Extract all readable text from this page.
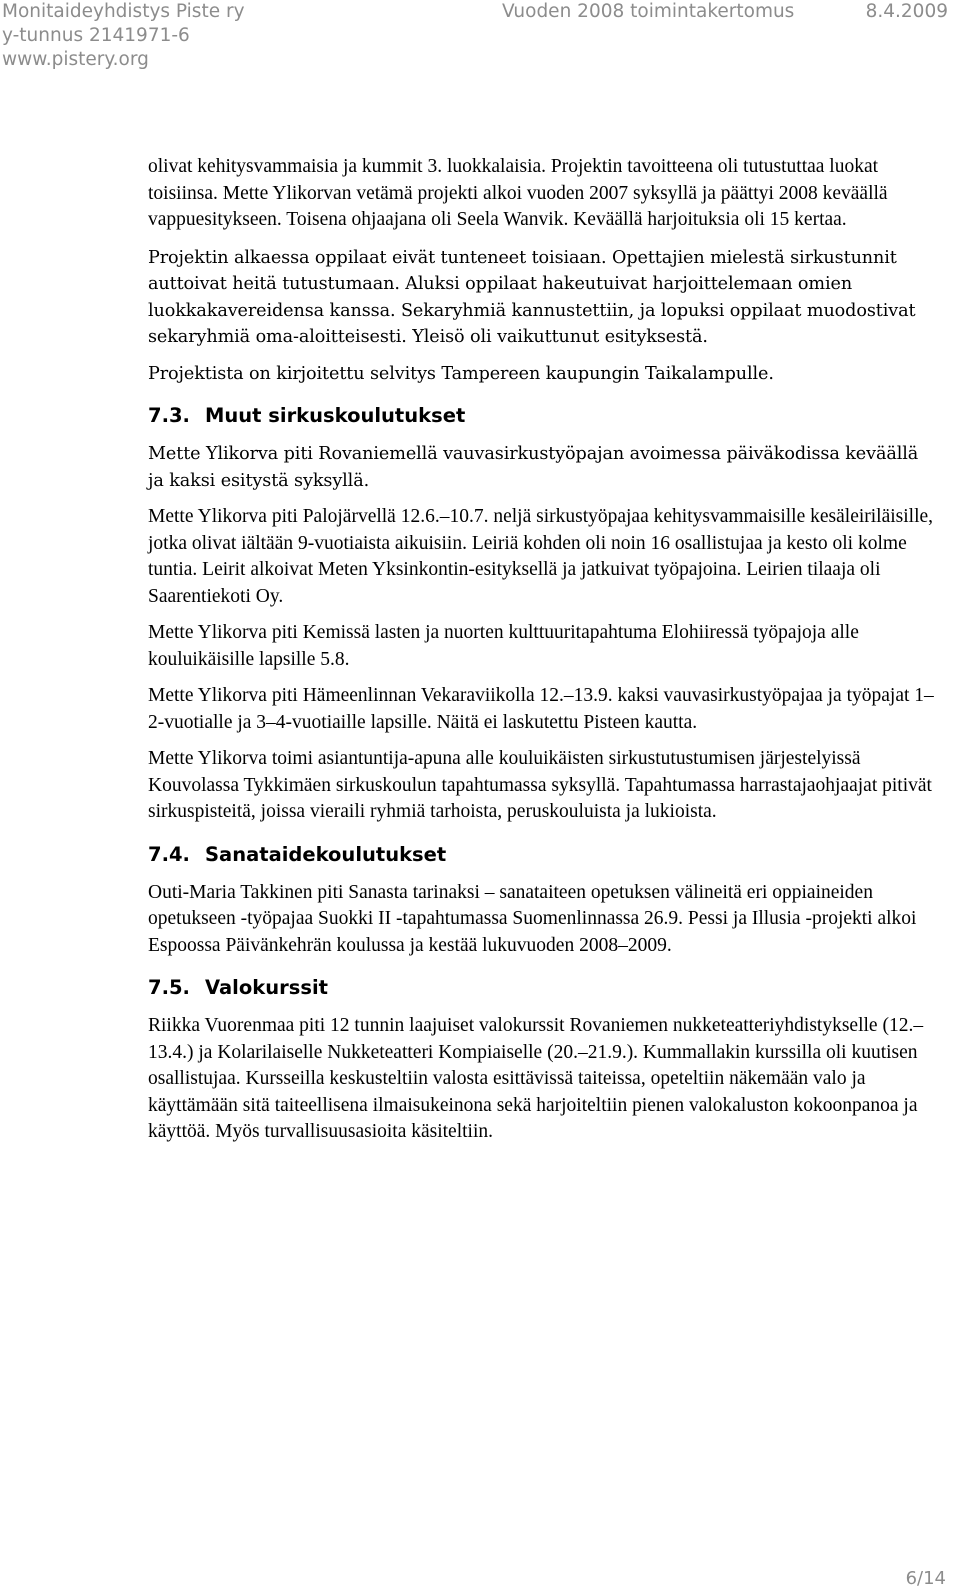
Monitaideyhdistys Piste ry	Vuoden 2008 toimintakertomus	8.4.2009
y-tunnus 2141971-6
www.pistery.org

olivat kehitysvammaisia ja kummit 3. luokkalaisia. Projektin tavoitteena oli tutustuttaa luokat toisiinsa. Mette Ylikorvan vetämä projekti alkoi vuoden 2007 syksyllä ja päättyi 2008 keväällä vappuesitykseen. Toisena ohjaajana oli Seela Wanvik. Keväällä harjoituksia oli 15 kertaa.

Projektin alkaessa oppilaat eivät tunteneet toisiaan. Opettajien mielestä sirkustunnit auttoivat heitä tutustumaan. Aluksi oppilaat hakeutuivat harjoittelemaan omien luokkakavereidensa kanssa. Sekaryhmiä kannustettiin, ja lopuksi oppilaat muodostivat sekaryhmiä oma-aloitteisesti. Yleisö oli vaikuttunut esityksestä.

Projektista on kirjoitettu selvitys Tampereen kaupungin Taikalampulle.

7.3. Muut sirkuskoulutukset

Mette Ylikorva piti Rovaniemellä vauvasirkustyöpajan avoimessa päiväkodissa keväällä ja kaksi esitystä syksyllä.

Mette Ylikorva piti Palojärvellä 12.6.–10.7. neljä sirkustyöpajaa kehitysvammaisille kesäleiriläisille, jotka olivat iältään 9-vuotiaista aikuisiin. Leiriä kohden oli noin 16 osallistujaa ja kesto oli kolme tuntia. Leirit alkoivat Meten Yksinkontin-esityksellä ja jatkuivat työpajoina. Leirien tilaaja oli Saarentiekoti Oy.

Mette Ylikorva piti Kemissä lasten ja nuorten kulttuuritapahtuma Elohiiressä työpajoja alle kouluikäisille lapsille 5.8.

Mette Ylikorva piti Hämeenlinnan Vekaraviikolla 12.–13.9. kaksi vauvasirkustyöpajaa ja työpajat 1–2-vuotialle ja 3–4-vuotiaille lapsille. Näitä ei laskutettu Pisteen kautta.

Mette Ylikorva toimi asiantuntija-apuna alle kouluikäisten sirkustutustumisen järjestelyissä Kouvolassa Tykkimäen sirkuskoulun tapahtumassa syksyllä. Tapahtumassa harrastajaohjaajat pitivät sirkuspisteitä, joissa vieraili ryhmiä tarhoista, peruskouluista ja lukioista.

7.4. Sanataidekoulutukset

Outi-Maria Takkinen piti Sanasta tarinaksi – sanataiteen opetuksen välineitä eri oppiaineiden opetukseen -työpajaa Suokki II -tapahtumassa Suomenlinnassa 26.9. Pessi ja Illusia -projekti alkoi Espoossa Päivänkehrän koulussa ja kestää lukuvuoden 2008–2009.

7.5. Valokurssit

Riikka Vuorenmaa piti 12 tunnin laajuiset valokurssit Rovaniemen nukketeatteriyhdistykselle (12.–13.4.) ja Kolarilaiselle Nukketeatteri Kompiaiselle (20.–21.9.). Kummallakin kurssilla oli kuutisen osallistujaa. Kursseilla keskusteltiin valosta esittävissä taiteissa, opeteltiin näkemään valo ja käyttämään sitä taiteellisena ilmaisukeinona sekä harjoiteltiin pienen valokaluston kokoonpanoa ja käyttöä. Myös turvallisuusasioita käsiteltiin.

6/14
